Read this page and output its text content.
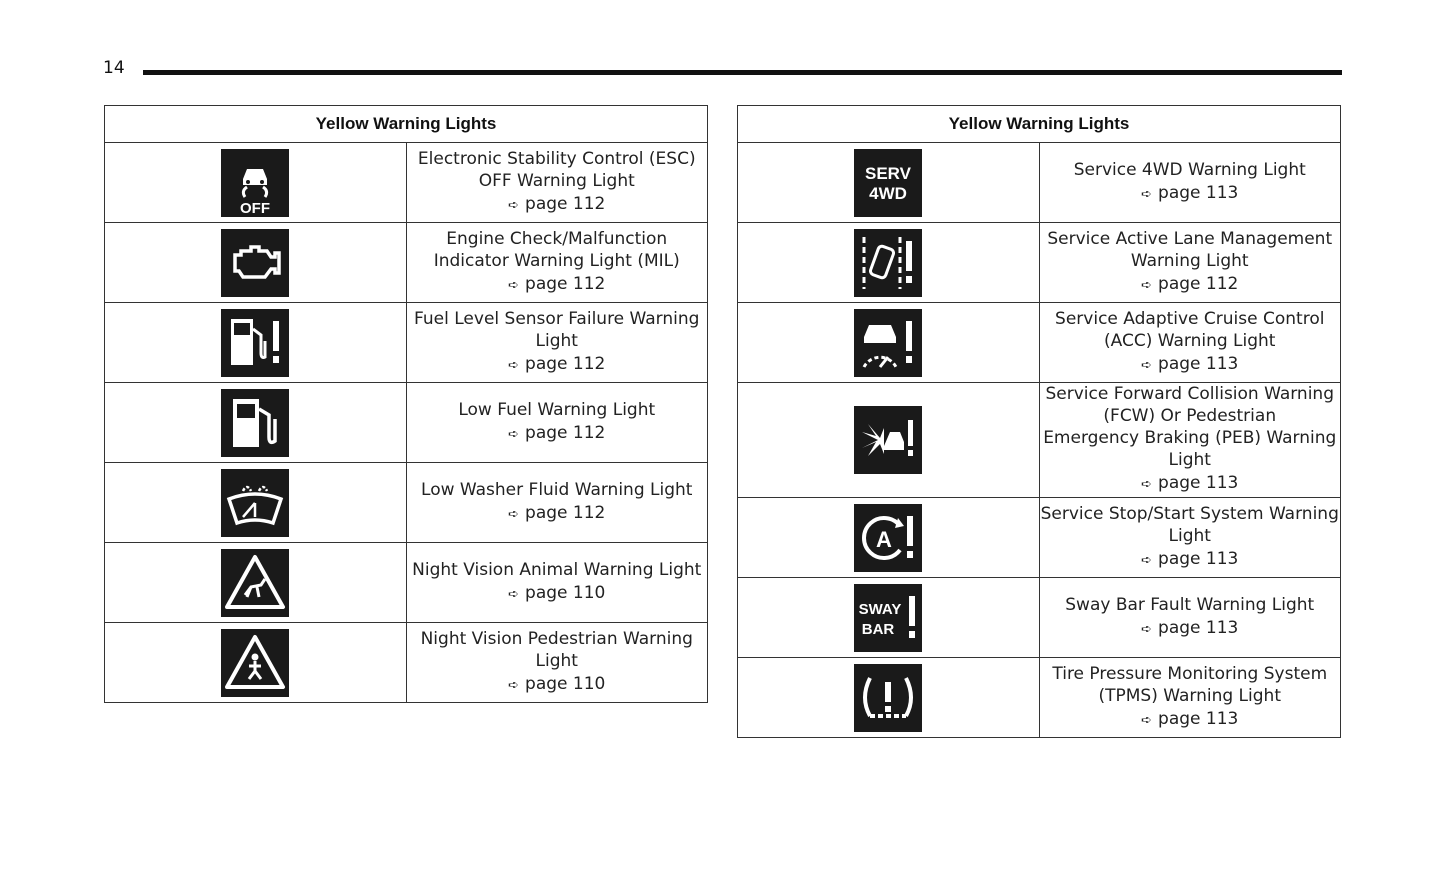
14
Yellow Warning Lights	

OFF	Electronic Stability Control (ESC) OFF Warning Light
➪ page 112

Engine Check/Malfunction Indicator Warning Light (MIL)
➪ page 112

Fuel Level Sensor Failure Warning Light
➪ page 112

Low Fuel Warning Light
➪ page 112

Low Washer Fluid Warning Light
➪ page 112

Night Vision Animal Warning Light
➪ page 110

Night Vision Pedestrian Warning Light
➪ page 110
Yellow Warning Lights	

SERV
4WD	Service 4WD Warning Light
➪ page 113

Service Active Lane Management Warning Light
➪ page 112

Service Adaptive Cruise Control (ACC) Warning Light
➪ page 113

Service Forward Collision Warning (FCW) Or Pedestrian
Emergency Braking (PEB) Warning Light
➪ page 113

A	Service Stop/Start System Warning Light
➪ page 113

SWAY
BAR	Sway Bar Fault Warning Light
➪ page 113

Tire Pressure Monitoring System (TPMS) Warning Light
➪ page 113
